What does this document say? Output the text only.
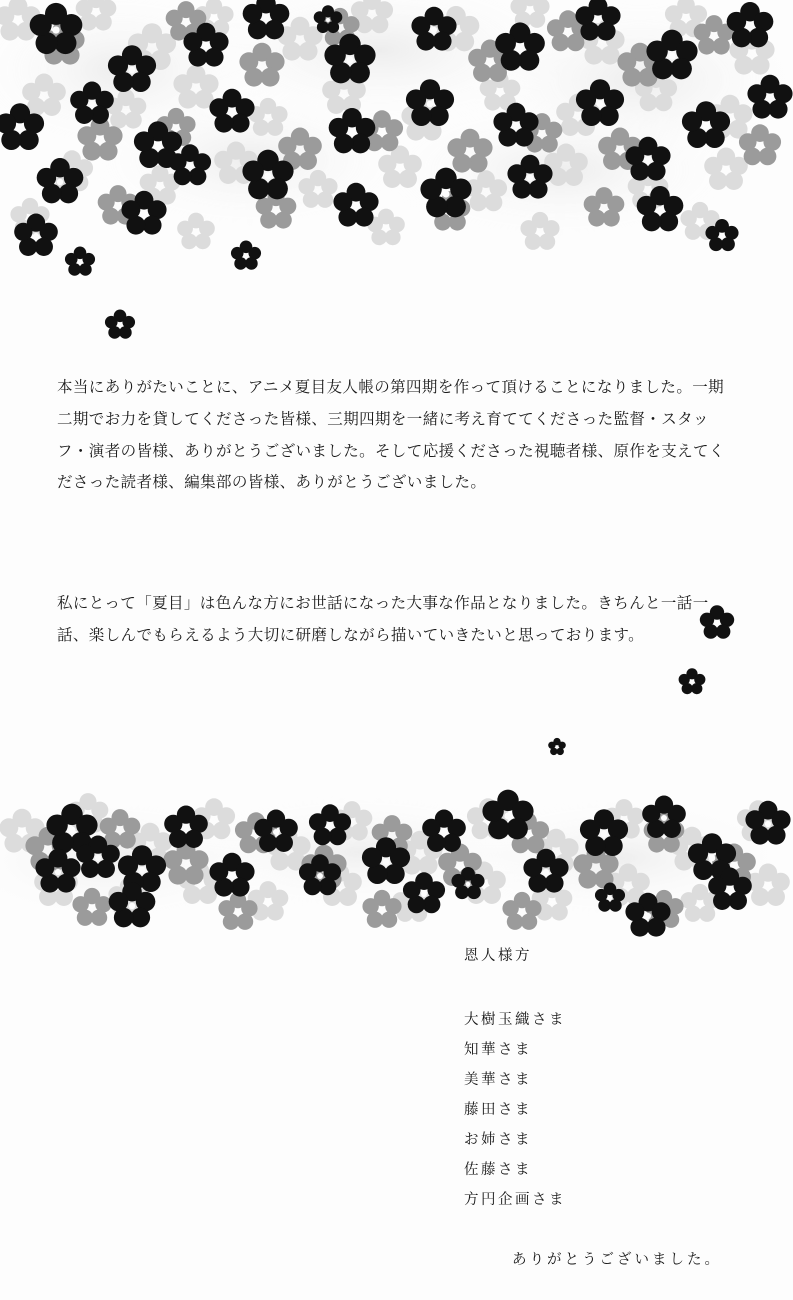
本当にありがたいことに、アニメ夏目友人帳の第四期を作って頂けることになりました。一期二期でお力を貸してくださった皆様、三期四期を一緒に考え育ててくださった監督・スタッフ・演者の皆様、ありがとうございました。そして応援くださった視聴者様、原作を支えてくださった読者様、編集部の皆様、ありがとうございました。
私にとって「夏目」は色んな方にお世話になった大事な作品となりました。きちんと一話一話、楽しんでもらえるよう大切に研磨しながら描いていきたいと思っております。
恩人様方
大樹玉織さま
知華さま
美華さま
藤田さま
お姉さま
佐藤さま
方円企画さま
ありがとうございました。
